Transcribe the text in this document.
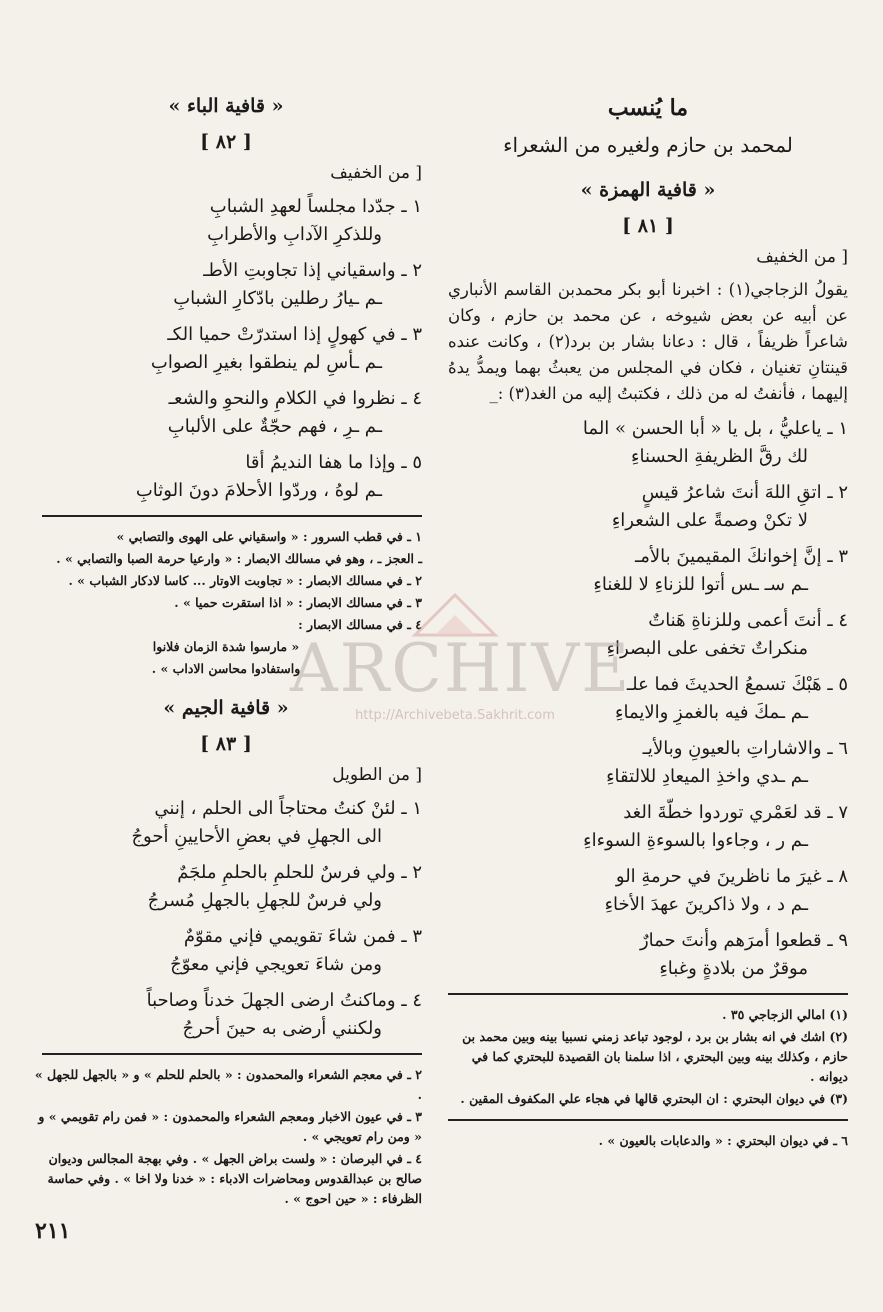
ما يُنسب
لمحمد بن حازم ولغيره من الشعراء
« قافية الهمزة »
[ ٨١ ]
[ من الخفيف

يقولُ الزجاجي(١) : اخبرنا أبو بكر محمدبن القاسم الأنباري عن أبيه عن بعض شيوخه ، عن محمد بن حازم ، وكان شاعراً ظريفاً ، قال : دعانا بشار بن برد(٢) ، وكانت عنده قينتانِ تغنيان ، فكان في المجلس من يعبثُ بهما ويمدُّ يدهُ إليهما ، فأنفتُ له من ذلك ، فكتبتُ إليه من الغد(٣) :_

١ ـ ياعليُّ ، بل يا « أبا الحسن » الما
لك رقَّ الظريفةِ الحسناءِ
٢ ـ اتقِ اللهَ أنتَ شاعرُ قيسٍ
لا تكنْ وصمةً على الشعراءِ
٣ ـ إنَّ إخوانكَ المقيمينَ بالأمـ
ـم سـ ـس أتوا للزناءِ لا للغناءِ
٤ ـ أنتَ أعمى وللزناةِ هَناتٌ
منكراتٌ تخفى على البصراءِ
٥ ـ هَبْكَ تسمعُ الحديثَ فما علـ
ـم ـمكَ فيه بالغمزِ والايماءِ
٦ ـ والاشاراتِ بالعيونِ وبالأيـ
ـم ـدي واخذِ الميعادِ للالتقاءِ
٧ ـ قد لعَمْري توردوا خطّةَ الغد
ـم ر ، وجاءوا بالسوءةِ السوءاءِ
٨ ـ غيرَ ما ناظرينَ في حرمةِ الو
ـم د ، ولا ذاكرينَ عهدَ الأخاءِ
٩ ـ قطعوا أمرَهم وأنتَ حمارٌ
موقرٌ من بلادةٍ وغباءِ
(١) امالي الزجاجي ٣٥ .
(٢) اشك في انه بشار بن برد ، لوجود تباعد زمني نسبيا بينه وبين محمد بن حازم ، وكذلك بينه وبين البحتري ، اذا سلمنا بان القصيدة للبحتري كما في ديوانه .
(٣) في ديوان البحتري : ان البحتري قالها في هجاء علي المكفوف المقين .
٦ ـ في ديوان البحتري : « والدعابات بالعيون » .
« قافية الباء »
[ ٨٢ ]
[ من الخفيف
١ ـ جدّدا مجلساً لعهدِ الشبابِ
وللذكرِ الآدابِ والأطرابِ
٢ ـ واسقياني إذا تجاوبتِ الأطـ
ـم ـيارُ رطلين بادّكارِ الشبابِ
٣ ـ في كهولٍ إذا استدرّتْ حميا الكـ
ـم ـأسِ لم ينطقوا بغيرِ الصوابِ
٤ ـ نظروا في الكلامِ والنحوِ والشعـ
ـم ـرِ ، فهم حجّةٌ على الألبابِ
٥ ـ وإذا ما هفا النديمُ أقا
ـم لوهُ ، وردّوا الأحلامَ دونَ الوثابِ
١ ـ في قطب السرور : « واسقياني على الهوى والتصابي »
ـ العجز ـ ، وهو في مسالك الابصار : « وارعيا حرمة الصبا والتصابي » .
٢ ـ في مسالك الابصار : « تجاوبت الاوتار ... كاسا لادكار الشباب » .
٣ ـ في مسالك الابصار : « اذا استقرت حميا » .
٤ ـ في مسالك الابصار :
« مارسوا شدة الزمان فلانوا
واستفادوا محاسن الاداب » .
« قافية الجيم »
[ ٨٣ ]
[ من الطويل
١ ـ لئنْ كنتُ محتاجاً الى الحلم ، إنني
الى الجهلِ في بعضِ الأحايينِ أحوجُ
٢ ـ ولي فرسٌ للحلمِ بالحلمِ ملجَمٌ
ولي فرسٌ للجهلِ بالجهلِ مُسرجُ
٣ ـ فمن شاءَ تقويمي فإني مقوّمٌ
ومن شاءَ تعويجي فإني معوّجُ
٤ ـ وماكنتُ ارضى الجهلَ خدناً وصاحباً
ولكنني أرضى به حينَ أحرجُ
٢ ـ في معجم الشعراء والمحمدون : « بالحلم للحلم » و « بالجهل للجهل » .
٣ ـ في عيون الاخبار ومعجم الشعراء والمحمدون : « فمن رام تقويمي » و « ومن رام تعويجي » .
٤ ـ في البرصان : « ولست براض الجهل » . وفي بهجة المجالس وديوان صالح بن عبدالقدوس ومحاضرات الادباء : « خدنا ولا اخا » . وفي حماسة الظرفاء : « حين احوج » .
٢١١
ARCHIVE
http://Archivebeta.Sakhrit.com
